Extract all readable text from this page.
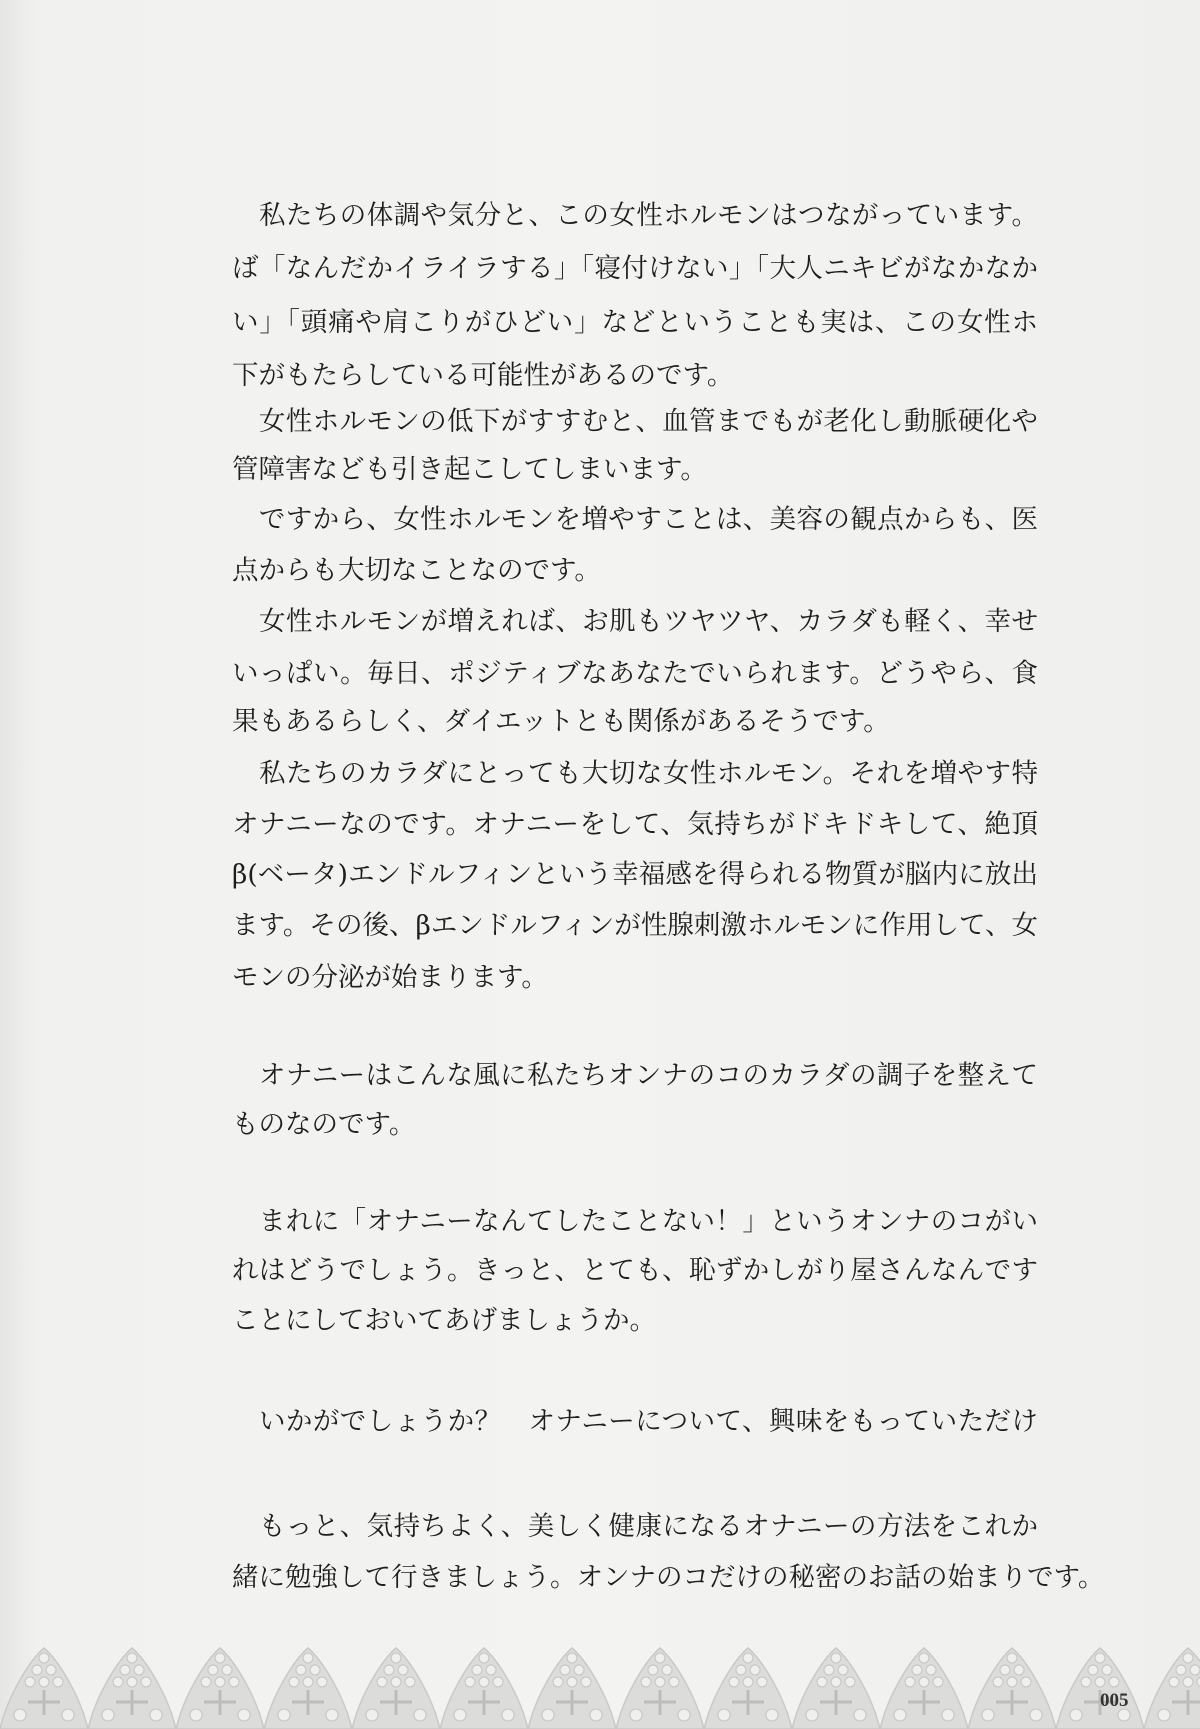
　私たちの体調や気分と、この女性ホルモンはつながっています。
ば「なんだかイライラする」「寝付けない」「大人ニキビがなかなか
い」「頭痛や肩こりがひどい」などということも実は、この女性ホ
下がもたらしている可能性があるのです。
　女性ホルモンの低下がすすむと、血管までもが老化し動脈硬化や
管障害なども引き起こしてしまいます。
　ですから、女性ホルモンを増やすことは、美容の観点からも、医
点からも大切なことなのです。
　女性ホルモンが増えれば、お肌もツヤツヤ、カラダも軽く、幸せ
いっぱい。毎日、ポジティブなあなたでいられます。どうやら、食
果もあるらしく、ダイエットとも関係があるそうです。
　私たちのカラダにとっても大切な女性ホルモン。それを増やす特
オナニーなのです。オナニーをして、気持ちがドキドキして、絶頂
β(ベータ)エンドルフィンという幸福感を得られる物質が脳内に放出
ます。その後、βエンドルフィンが性腺刺激ホルモンに作用して、女
モンの分泌が始まります。
　オナニーはこんな風に私たちオンナのコのカラダの調子を整えて
ものなのです。
　まれに「オナニーなんてしたことない！」というオンナのコがい
れはどうでしょう。きっと、とても、恥ずかしがり屋さんなんです
ことにしておいてあげましょうか。
　いかがでしょうか？　オナニーについて、興味をもっていただけ
　もっと、気持ちよく、美しく健康になるオナニーの方法をこれか
緒に勉強して行きましょう。オンナのコだけの秘密のお話の始まりです。
005
